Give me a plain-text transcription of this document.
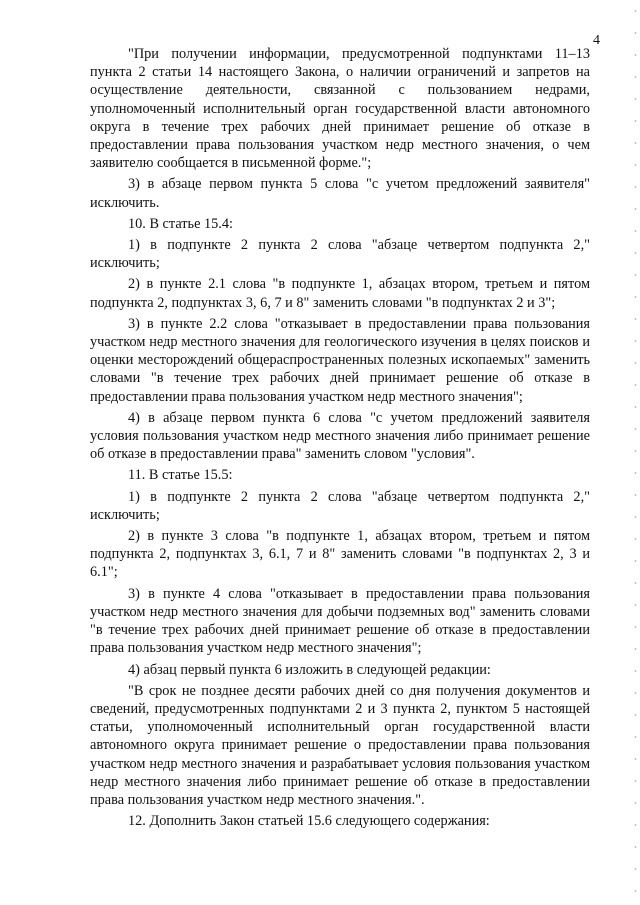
4

"При получении информации, предусмотренной подпунктами 11–13 пункта 2 статьи 14 настоящего Закона, о наличии ограничений и запретов на осуществление деятельности, связанной с пользованием недрами, уполномоченный исполнительный орган государственной власти автономного округа в течение трех рабочих дней принимает решение об отказе в предоставлении права пользования участком недр местного значения, о чем заявителю сообщается в письменной форме.";

3) в абзаце первом пункта 5 слова "с учетом предложений заявителя" исключить.

10. В статье 15.4:

1) в подпункте 2 пункта 2 слова "абзаце четвертом подпункта 2," исключить;

2) в пункте 2.1 слова "в подпункте 1, абзацах втором, третьем и пятом подпункта 2, подпунктах 3, 6, 7 и 8" заменить словами "в подпунктах 2 и 3";

3) в пункте 2.2 слова "отказывает в предоставлении права пользования участком недр местного значения для геологического изучения в целях поисков и оценки месторождений общераспространенных полезных ископаемых" заменить словами "в течение трех рабочих дней принимает решение об отказе в предоставлении права пользования участком недр местного значения";

4) в абзаце первом пункта 6 слова "с учетом предложений заявителя условия пользования участком недр местного значения либо принимает решение об отказе в предоставлении права" заменить словом "условия".

11. В статье 15.5:

1) в подпункте 2 пункта 2 слова "абзаце четвертом подпункта 2," исключить;

2) в пункте 3 слова "в подпункте 1, абзацах втором, третьем и пятом подпункта 2, подпунктах 3, 6.1, 7 и 8" заменить словами "в подпунктах 2, 3 и 6.1";

3) в пункте 4 слова "отказывает в предоставлении права пользования участком недр местного значения для добычи подземных вод" заменить словами "в течение трех рабочих дней принимает решение об отказе в предоставлении права пользования участком недр местного значения";

4) абзац первый пункта 6 изложить в следующей редакции:

"В срок не позднее десяти рабочих дней со дня получения документов и сведений, предусмотренных подпунктами 2 и 3 пункта 2, пунктом 5 настоящей статьи, уполномоченный исполнительный орган государственной власти автономного округа принимает решение о предоставлении права пользования участком недр местного значения и разрабатывает условия пользования участком недр местного значения либо принимает решение об отказе в предоставлении права пользования участком недр местного значения.".

12. Дополнить Закон статьей 15.6 следующего содержания:
